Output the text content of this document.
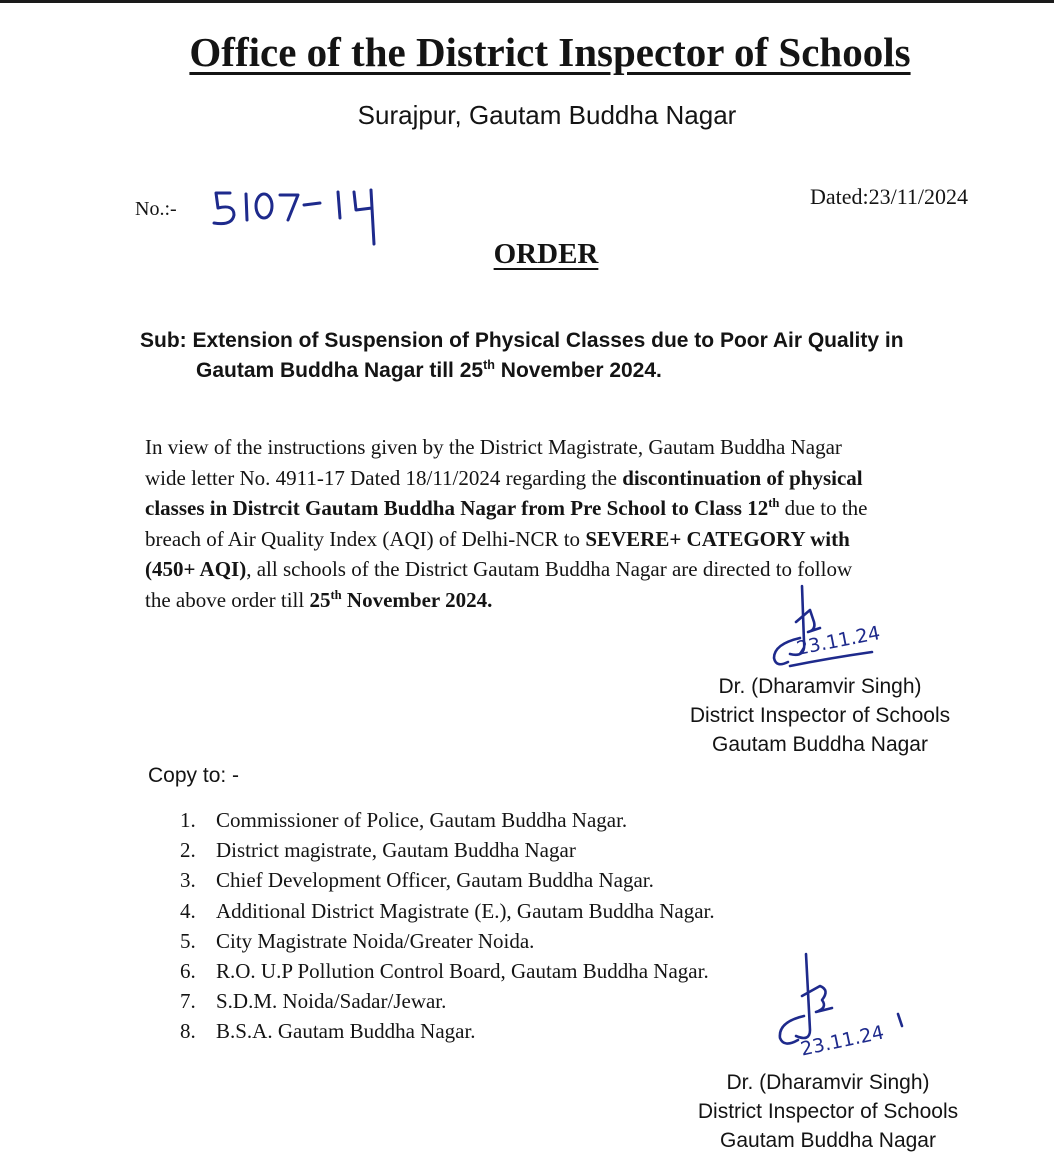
Office of the District Inspector of Schools
Surajpur, Gautam Buddha Nagar
No.:-	Dated:23/11/2024
ORDER
Sub: Extension of Suspension of Physical Classes due to Poor Air Quality in
Gautam Buddha Nagar till 25th November 2024.
In view of the instructions given by the District Magistrate, Gautam Buddha Nagar
wide letter No. 4911-17 Dated 18/11/2024 regarding the discontinuation of physical
classes in Distrcit Gautam Buddha Nagar from Pre School to Class 12th due to the
breach of Air Quality Index (AQI) of Delhi-NCR to SEVERE+ CATEGORY with
(450+ AQI), all schools of the District Gautam Buddha Nagar are directed to follow
the above order till 25th November 2024.
23.11.24
Dr. (Dharamvir Singh)
District Inspector of Schools
Gautam Buddha Nagar
Copy to: -
1. Commissioner of Police, Gautam Buddha Nagar.
2. District magistrate, Gautam Buddha Nagar
3. Chief Development Officer, Gautam Buddha Nagar.
4. Additional District Magistrate (E.), Gautam Buddha Nagar.
5. City Magistrate Noida/Greater Noida.
6. R.O. U.P Pollution Control Board, Gautam Buddha Nagar.
7. S.D.M. Noida/Sadar/Jewar.
8. B.S.A. Gautam Buddha Nagar.	23.11.24
Dr. (Dharamvir Singh)
District Inspector of Schools
Gautam Buddha Nagar
